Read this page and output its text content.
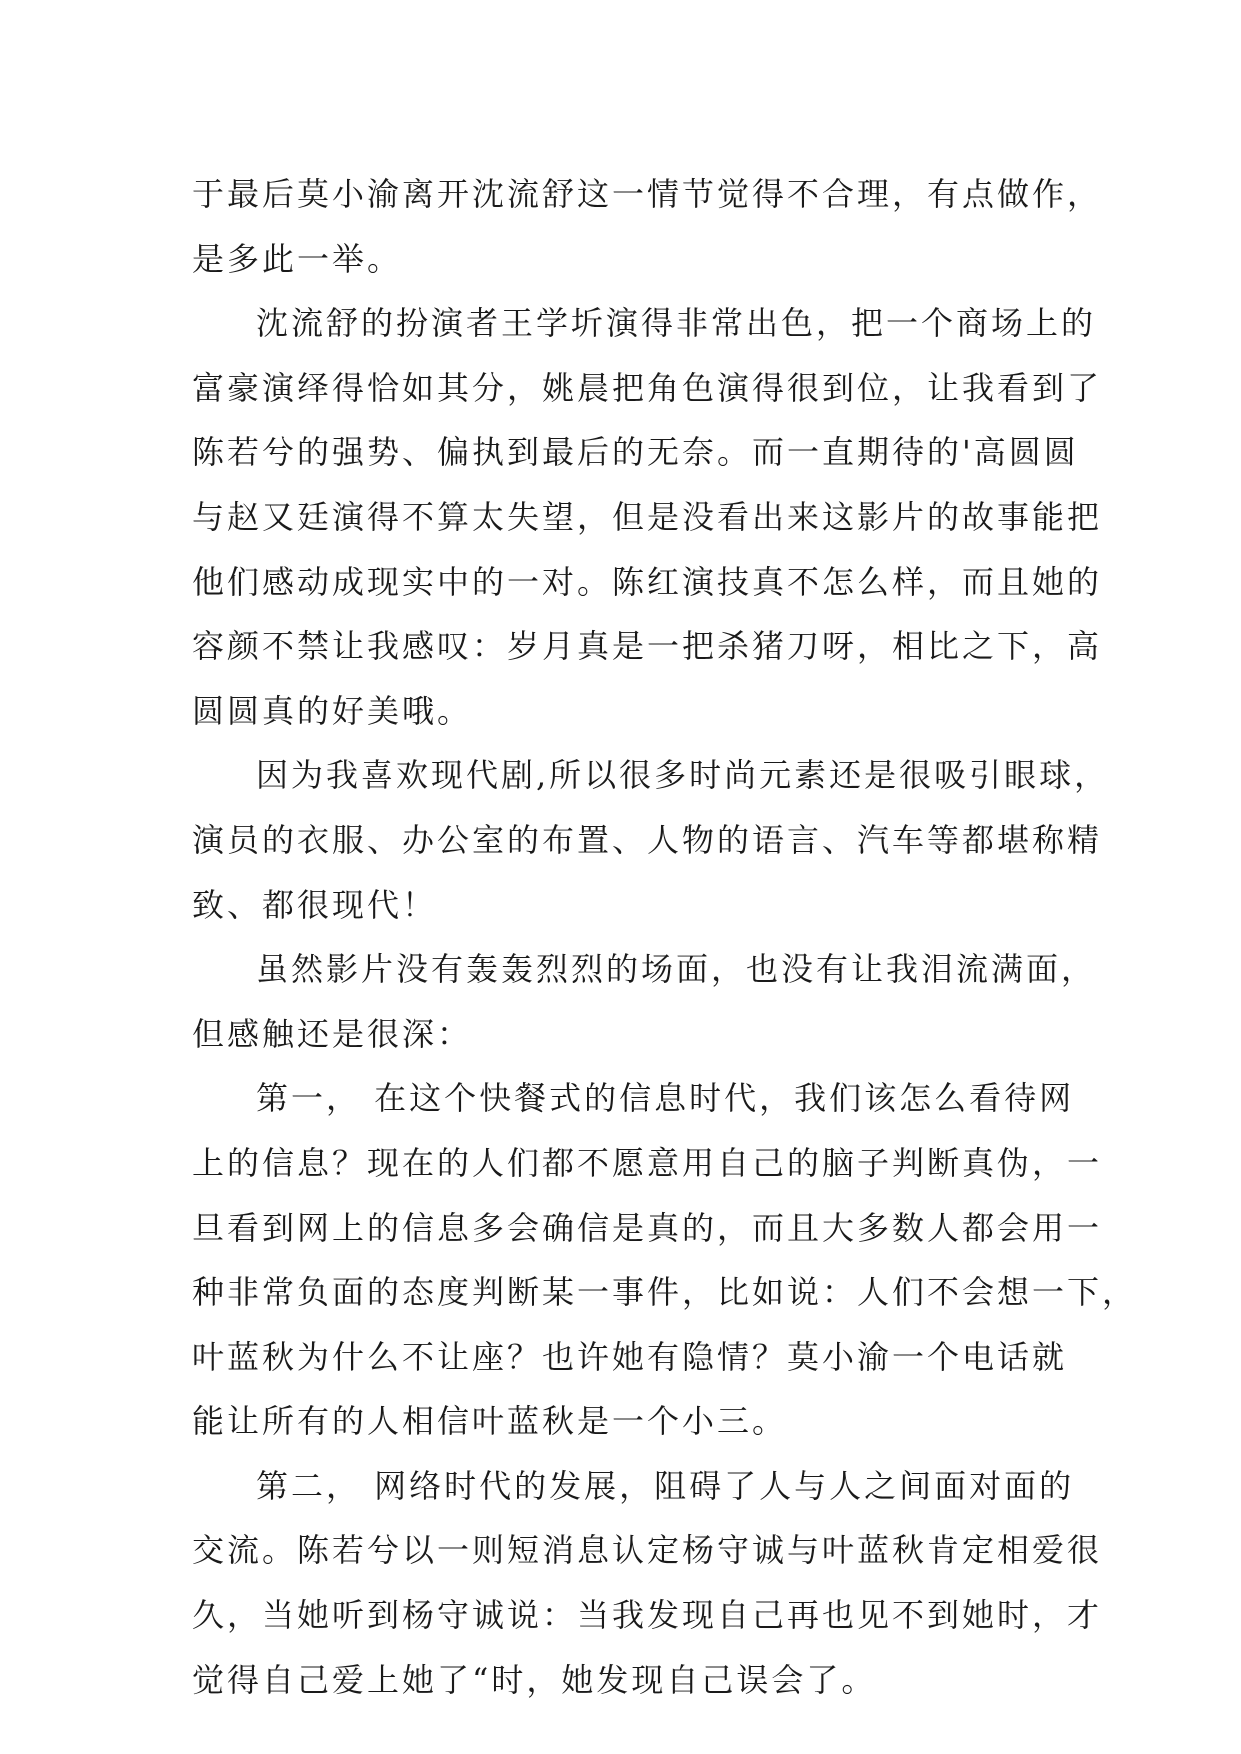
于最后莫小渝离开沈流舒这一情节觉得不合理，有点做作，
是多此一举。
沈流舒的扮演者王学圻演得非常出色，把一个商场上的
富豪演绎得恰如其分，姚晨把角色演得很到位，让我看到了
陈若兮的强势、偏执到最后的无奈。而一直期待的'高圆圆
与赵又廷演得不算太失望，但是没看出来这影片的故事能把
他们感动成现实中的一对。陈红演技真不怎么样，而且她的
容颜不禁让我感叹：岁月真是一把杀猪刀呀，相比之下，高
圆圆真的好美哦。
因为我喜欢现代剧,所以很多时尚元素还是很吸引眼球，
演员的衣服、办公室的布置、人物的语言、汽车等都堪称精
致、都很现代！
虽然影片没有轰轰烈烈的场面，也没有让我泪流满面，
但感触还是很深：
第一， 在这个快餐式的信息时代，我们该怎么看待网
上的信息？现在的人们都不愿意用自己的脑子判断真伪，一
旦看到网上的信息多会确信是真的，而且大多数人都会用一
种非常负面的态度判断某一事件，比如说：人们不会想一下，
叶蓝秋为什么不让座？也许她有隐情？莫小渝一个电话就
能让所有的人相信叶蓝秋是一个小三。
第二， 网络时代的发展，阻碍了人与人之间面对面的
交流。陈若兮以一则短消息认定杨守诚与叶蓝秋肯定相爱很
久，当她听到杨守诚说：当我发现自己再也见不到她时，才
觉得自己爱上她了“时，她发现自己误会了。
